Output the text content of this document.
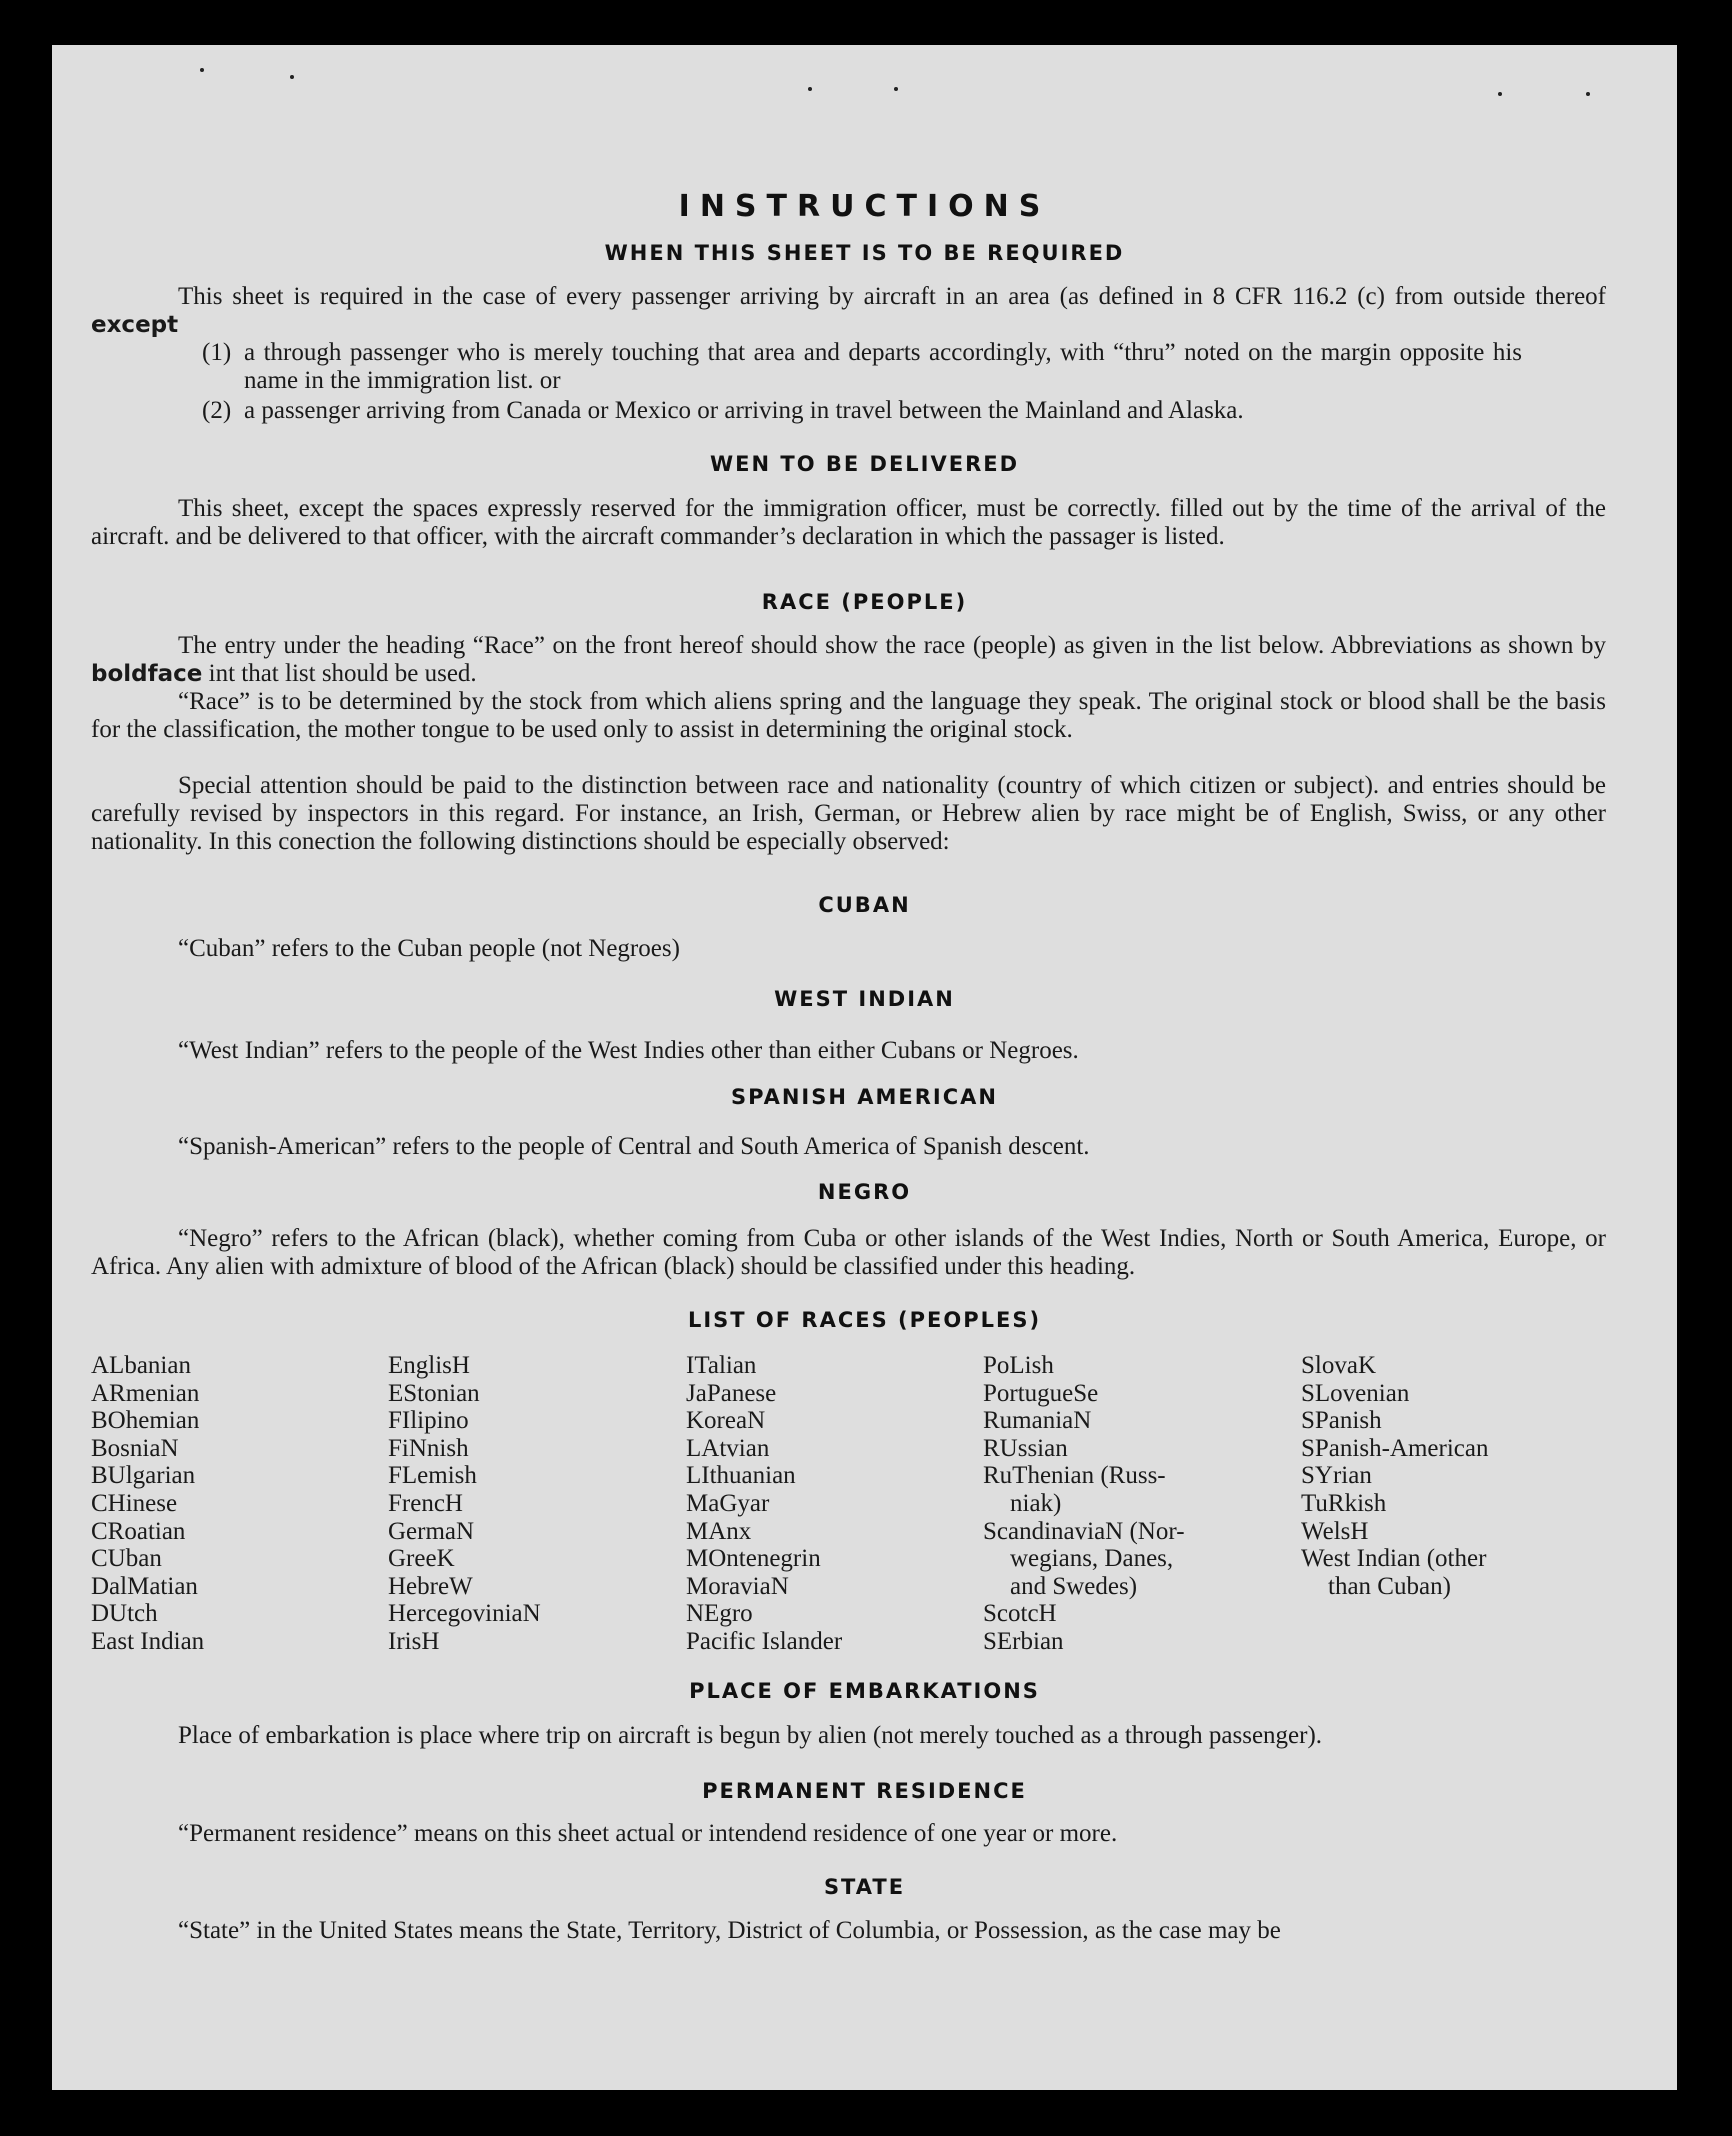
INSTRUCTIONS
WHEN THIS SHEET IS TO BE REQUIRED
This sheet is required in the case of every passenger arriving by aircraft in an area (as defined in 8 CFR 116.2 (c) from outside thereof except
(1) a through passenger who is merely touching that area and departs accordingly, with “thru” noted on the margin opposite his name in the immigration list. or
(2) a passenger arriving from Canada or Mexico or arriving in travel between the Mainland and Alaska.
WEN TO BE DELIVERED
This sheet, except the spaces expressly reserved for the immigration officer, must be correctly. filled out by the time of the arrival of the aircraft. and be delivered to that officer, with the aircraft commander’s declaration in which the passager is listed.
RACE (PEOPLE)
The entry under the heading “Race” on the front hereof should show the race (people) as given in the list below. Abbreviations as shown by boldface int that list should be used.
“Race” is to be determined by the stock from which aliens spring and the language they speak. The original stock or blood shall be the basis for the classification, the mother tongue to be used only to assist in determining the original stock.
Special attention should be paid to the distinction between race and nationality (country of which citizen or subject). and entries should be carefully revised by inspectors in this regard. For instance, an Irish, German, or Hebrew alien by race might be of English, Swiss, or any other nationality. In this conection the following distinctions should be especially observed:
CUBAN
“Cuban” refers to the Cuban people (not Negroes)
WEST INDIAN
“West Indian” refers to the people of the West Indies other than either Cubans or Negroes.
SPANISH AMERICAN
“Spanish-American” refers to the people of Central and South America of Spanish descent.
NEGRO
“Negro” refers to the African (black), whether coming from Cuba or other islands of the West Indies, North or South America, Europe, or Africa. Any alien with admixture of blood of the African (black) should be classified under this heading.
LIST OF RACES (PEOPLES)
ALbanian
ARmenian
BOhemian
BosniaN
BUlgarian
CHinese
CRoatian
CUban
DalMatian
DUtch
East Indian
EnglisH
EStonian
FIlipino
FiNnish
FLemish
FrencH
GermaN
GreeK
HebreW
HercegoviniaN
IrisH
ITalian
JaPanese
KoreaN
LAtvian
LIthuanian
MaGyar
MAnx
MOntenegrin
MoraviaN
NEgro
Pacific Islander
PoLish
PortugueSe
RumaniaN
RUssian
RuThenian (Russ-
niak)
ScandinaviaN (Nor-
wegians, Danes,
and Swedes)
ScotcH
SErbian
SlovaK
SLovenian
SPanish
SPanish-American
SYrian
TuRkish
WelsH
West Indian (other
than Cuban)
PLACE OF EMBARKATIONS
Place of embarkation is place where trip on aircraft is begun by alien (not merely touched as a through passenger).
PERMANENT RESIDENCE
“Permanent residence” means on this sheet actual or intendend residence of one year or more.
STATE
“State” in the United States means the State, Territory, District of Columbia, or Possession, as the case may be
